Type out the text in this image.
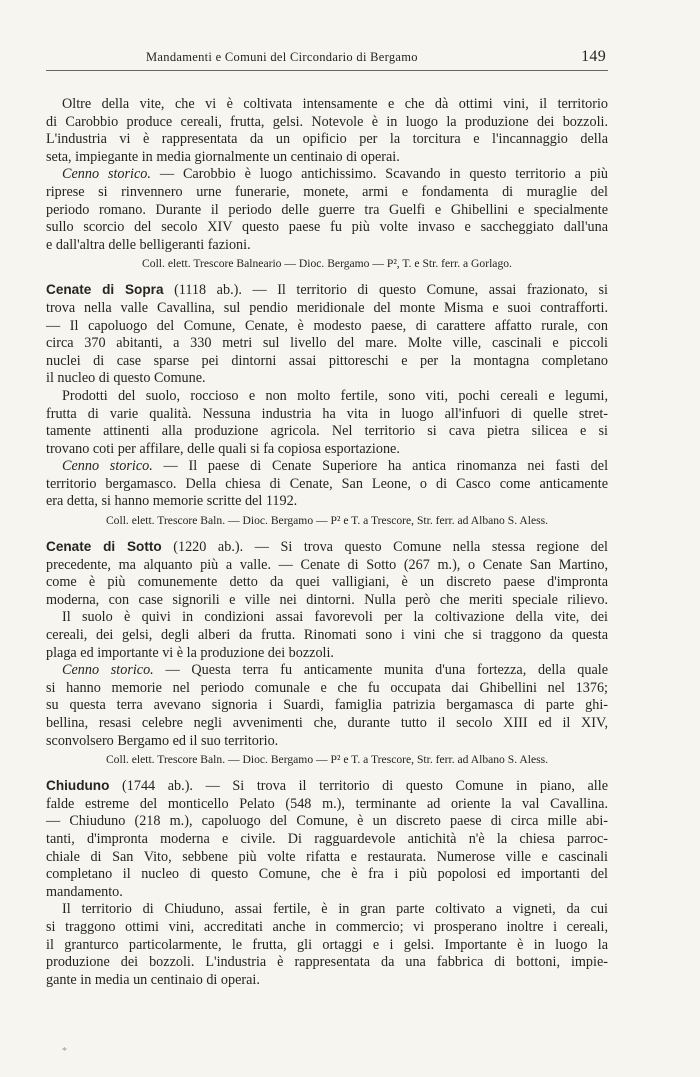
Mandamenti e Comuni del Circondario di Bergamo	149
Oltre della vite, che vi è coltivata intensamente e che dà ottimi vini, il territorio
di Carobbio produce cereali, frutta, gelsi. Notevole è in luogo la produzione dei bozzoli.
L'industria vi è rappresentata da un opificio per la torcitura e l'incannaggio della
seta, impiegante in media giornalmente un centinaio di operai.
Cenno storico. — Carobbio è luogo antichissimo. Scavando in questo territorio a più
riprese si rinvennero urne funerarie, monete, armi e fondamenta di muraglie del
periodo romano. Durante il periodo delle guerre tra Guelfi e Ghibellini e specialmente
sullo scorcio del secolo XIV questo paese fu più volte invaso e saccheggiato dall'una
e dall'altra delle belligeranti fazioni.
Coll. elett. Trescore Balneario — Dioc. Bergamo — P², T. e Str. ferr. a Gorlago.
Cenate di Sopra (1118 ab.). — Il territorio di questo Comune, assai frazionato, si
trova nella valle Cavallina, sul pendio meridionale del monte Misma e suoi contrafforti.
— Il capoluogo del Comune, Cenate, è modesto paese, di carattere affatto rurale, con
circa 370 abitanti, a 330 metri sul livello del mare. Molte ville, cascinali e piccoli
nuclei di case sparse pei dintorni assai pittoreschi e per la montagna completano
il nucleo di questo Comune.
Prodotti del suolo, roccioso e non molto fertile, sono viti, pochi cereali e legumi,
frutta di varie qualità. Nessuna industria ha vita in luogo all'infuori di quelle stret-
tamente attinenti alla produzione agricola. Nel territorio si cava pietra silicea e si
trovano coti per affilare, delle quali si fa copiosa esportazione.
Cenno storico. — Il paese di Cenate Superiore ha antica rinomanza nei fasti del
territorio bergamasco. Della chiesa di Cenate, San Leone, o di Casco come anticamente
era detta, si hanno memorie scritte del 1192.
Coll. elett. Trescore Baln. — Dioc. Bergamo — P² e T. a Trescore, Str. ferr. ad Albano S. Aless.
Cenate di Sotto (1220 ab.). — Si trova questo Comune nella stessa regione del
precedente, ma alquanto più a valle. — Cenate di Sotto (267 m.), o Cenate San Martino,
come è più comunemente detto da quei valligiani, è un discreto paese d'impronta
moderna, con case signorili e ville nei dintorni. Nulla però che meriti speciale rilievo.
Il suolo è quivi in condizioni assai favorevoli per la coltivazione della vite, dei
cereali, dei gelsi, degli alberi da frutta. Rinomati sono i vini che si traggono da questa
plaga ed importante vi è la produzione dei bozzoli.
Cenno storico. — Questa terra fu anticamente munita d'una fortezza, della quale
si hanno memorie nel periodo comunale e che fu occupata dai Ghibellini nel 1376;
su questa terra avevano signoria i Suardi, famiglia patrizia bergamasca di parte ghi-
bellina, resasi celebre negli avvenimenti che, durante tutto il secolo XIII ed il XIV,
sconvolsero Bergamo ed il suo territorio.
Coll. elett. Trescore Baln. — Dioc. Bergamo — P² e T. a Trescore, Str. ferr. ad Albano S. Aless.
Chiuduno (1744 ab.). — Si trova il territorio di questo Comune in piano, alle
falde estreme del monticello Pelato (548 m.), terminante ad oriente la val Cavallina.
— Chiuduno (218 m.), capoluogo del Comune, è un discreto paese di circa mille abi-
tanti, d'impronta moderna e civile. Di ragguardevole antichità n'è la chiesa parroc-
chiale di San Vito, sebbene più volte rifatta e restaurata. Numerose ville e cascinali
completano il nucleo di questo Comune, che è fra i più popolosi ed importanti del
mandamento.
Il territorio di Chiuduno, assai fertile, è in gran parte coltivato a vigneti, da cui
si traggono ottimi vini, accreditati anche in commercio; vi prosperano inoltre i cereali,
il granturco particolarmente, le frutta, gli ortaggi e i gelsi. Importante è in luogo la
produzione dei bozzoli. L'industria è rappresentata da una fabbrica di bottoni, impie-
gante in media un centinaio di operai.
*
